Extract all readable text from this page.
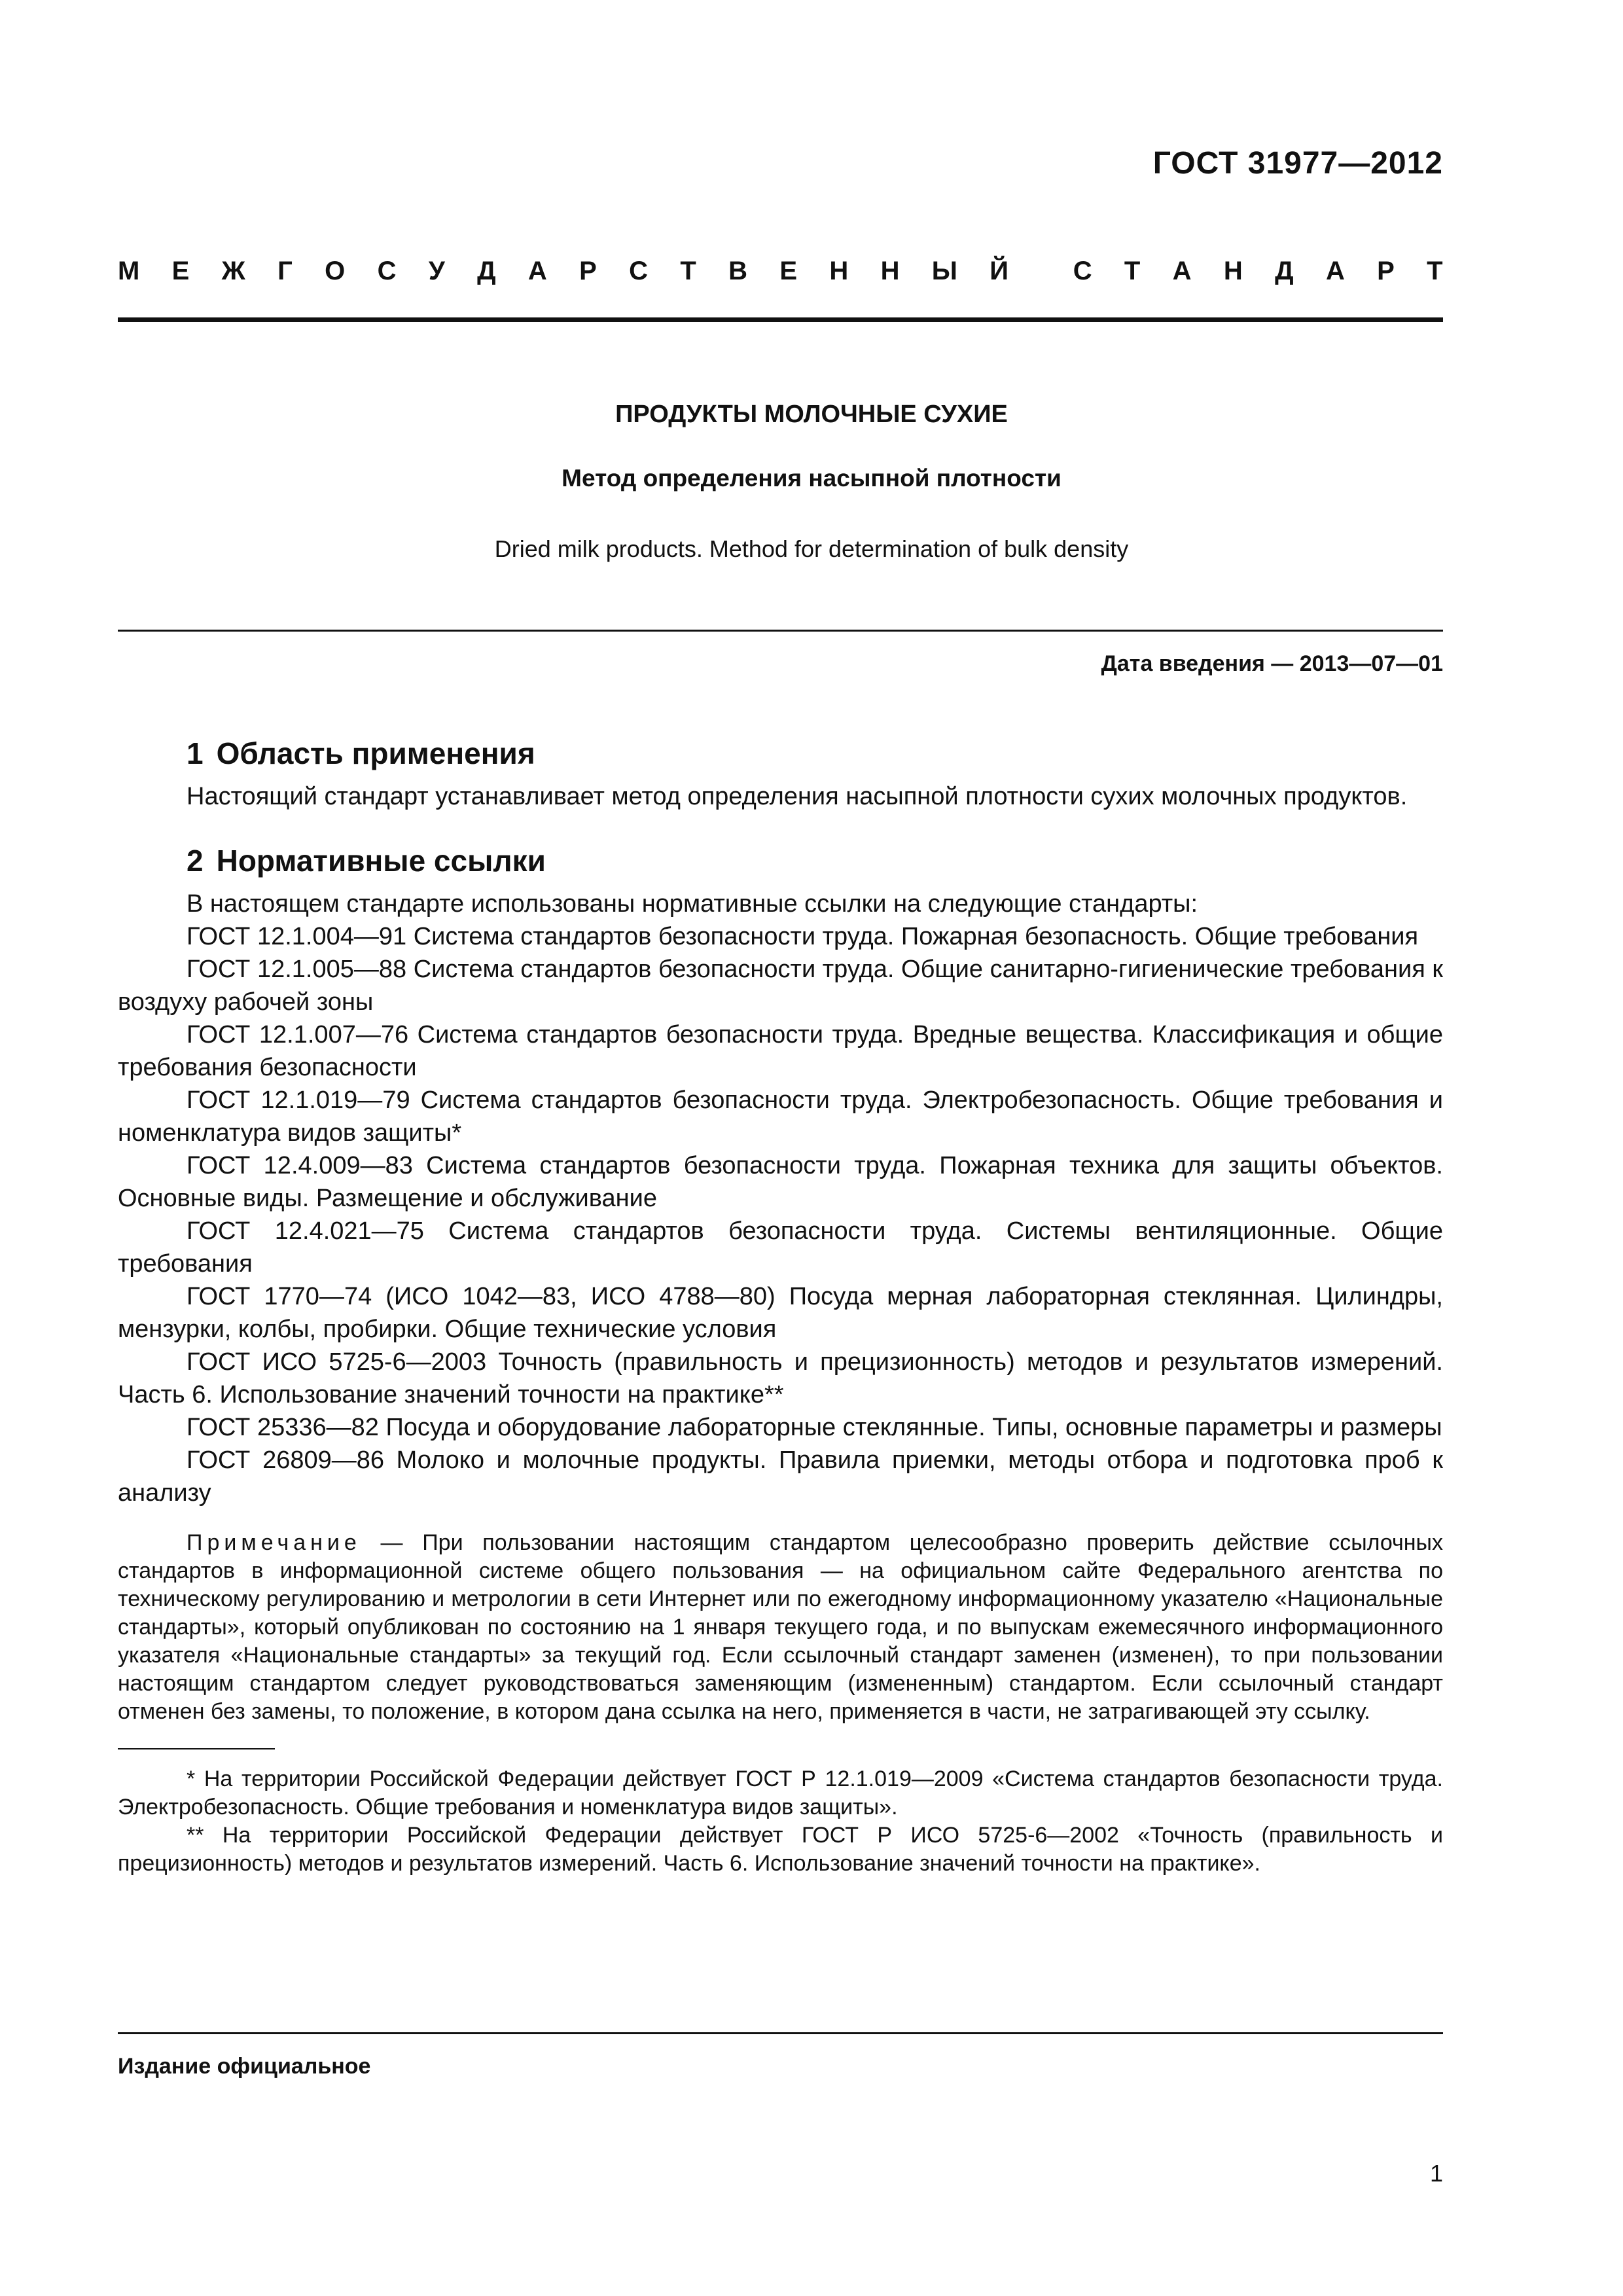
ГОСТ 31977—2012
М Е Ж Г О С У Д А Р С Т В Е Н Н Ы Й С Т А Н Д А Р Т
ПРОДУКТЫ МОЛОЧНЫЕ СУХИЕ
Метод определения насыпной плотности
Dried milk products. Method for determination of bulk density
Дата введения — 2013—07—01
1 Область применения

Настоящий стандарт устанавливает метод определения насыпной плотности сухих молочных продуктов.

2 Нормативные ссылки

В настоящем стандарте использованы нормативные ссылки на следующие стандарты:

ГОСТ 12.1.004—91 Система стандартов безопасности труда. Пожарная безопасность. Общие требования

ГОСТ 12.1.005—88 Система стандартов безопасности труда. Общие санитарно-гигиенические требования к воздуху рабочей зоны

ГОСТ 12.1.007—76 Система стандартов безопасности труда. Вредные вещества. Классификация и общие требования безопасности

ГОСТ 12.1.019—79 Система стандартов безопасности труда. Электробезопасность. Общие требования и номенклатура видов защиты*

ГОСТ 12.4.009—83 Система стандартов безопасности труда. Пожарная техника для защиты объектов. Основные виды. Размещение и обслуживание

ГОСТ 12.4.021—75 Система стандартов безопасности труда. Системы вентиляционные. Общие требования

ГОСТ 1770—74 (ИСО 1042—83, ИСО 4788—80) Посуда мерная лабораторная стеклянная. Цилиндры, мензурки, колбы, пробирки. Общие технические условия

ГОСТ ИСО 5725-6—2003 Точность (правильность и прецизионность) методов и результатов измерений. Часть 6. Использование значений точности на практике**

ГОСТ 25336—82 Посуда и оборудование лабораторные стеклянные. Типы, основные параметры и размеры

ГОСТ 26809—86 Молоко и молочные продукты. Правила приемки, методы отбора и подготовка проб к анализу

Примечание — При пользовании настоящим стандартом целесообразно проверить действие ссылочных стандартов в информационной системе общего пользования — на официальном сайте Федерального агентства по техническому регулированию и метрологии в сети Интернет или по ежегодному информационному указателю «Национальные стандарты», который опубликован по состоянию на 1 января текущего года, и по выпускам ежемесячного информационного указателя «Национальные стандарты» за текущий год. Если ссылочный стандарт заменен (изменен), то при пользовании настоящим стандартом следует руководствоваться заменяющим (измененным) стандартом. Если ссылочный стандарт отменен без замены, то положение, в котором дана ссылка на него, применяется в части, не затрагивающей эту ссылку.

* На территории Российской Федерации действует ГОСТ Р 12.1.019—2009 «Система стандартов безопасности труда. Электробезопасность. Общие требования и номенклатура видов защиты».

** На территории Российской Федерации действует ГОСТ Р ИСО 5725-6—2002 «Точность (правильность и прецизионность) методов и результатов измерений. Часть 6. Использование значений точности на практике».

Издание официальное
1
